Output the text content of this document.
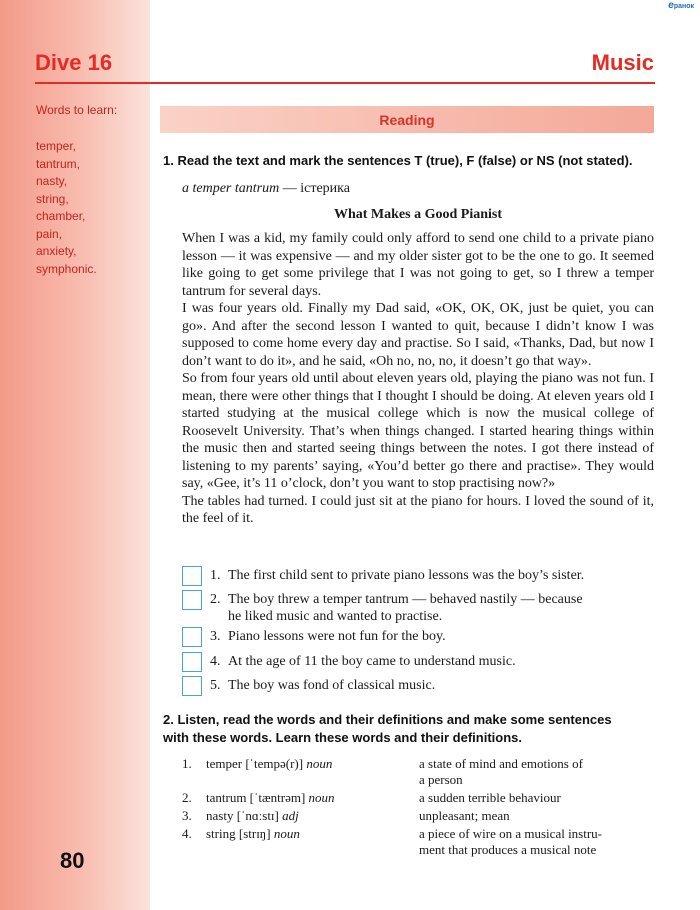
eранок
Dive 16	Music
Words to learn:
temper,
tantrum,
nasty,
string,
chamber,
pain,
anxiety,
symphonic.
80
Reading
1. Read the text and mark the sentences T (true), F (false) or NS (not stated).
a temper tantrum — істерика
What Makes a Good Pianist

When I was a kid, my family could only afford to send one child to a private piano lesson — it was expensive — and my older sister got to be the one to go. It seemed like going to get some privilege that I was not going to get, so I threw a temper tantrum for several days.

I was four years old. Finally my Dad said, «OK, OK, OK, just be quiet, you can go». And after the second lesson I wanted to quit, because I didn’t know I was supposed to come home every day and practise. So I said, «Thanks, Dad, but now I don’t want to do it», and he said, «Oh no, no, no, it doesn’t go that way».

So from four years old until about eleven years old, playing the piano was not fun. I mean, there were other things that I thought I should be doing. At eleven years old I started studying at the musical college which is now the musical college of Roosevelt University. That’s when things changed. I started hearing things within the music then and started seeing things between the notes. I got there instead of listening to my parents’ saying, «You’d better go there and practise». They would say, «Gee, it’s 11 o’clock, don’t you want to stop practising now?»

The tables had turned. I could just sit at the piano for hours. I loved the sound of it, the feel of it.

1. The first child sent to private piano lessons was the boy’s sister.
2. The boy threw a temper tantrum — behaved nastily — because
he liked music and wanted to practise.
3. Piano lessons were not fun for the boy.
4. At the age of 11 the boy came to understand music.
5. The boy was fond of classical music.
2. Listen, read the words and their definitions and make some sentences
with these words. Learn these words and their definitions.
1. temper [ˈtempə(r)] noun	a state of mind and emotions of
a person
2. tantrum [ˈtæntrəm] noun	a sudden terrible behaviour
3. nasty [ˈnɑːstɪ] adj	unpleasant; mean
4. string [strɪŋ] noun	a piece of wire on a musical instru-
ment that produces a musical note
